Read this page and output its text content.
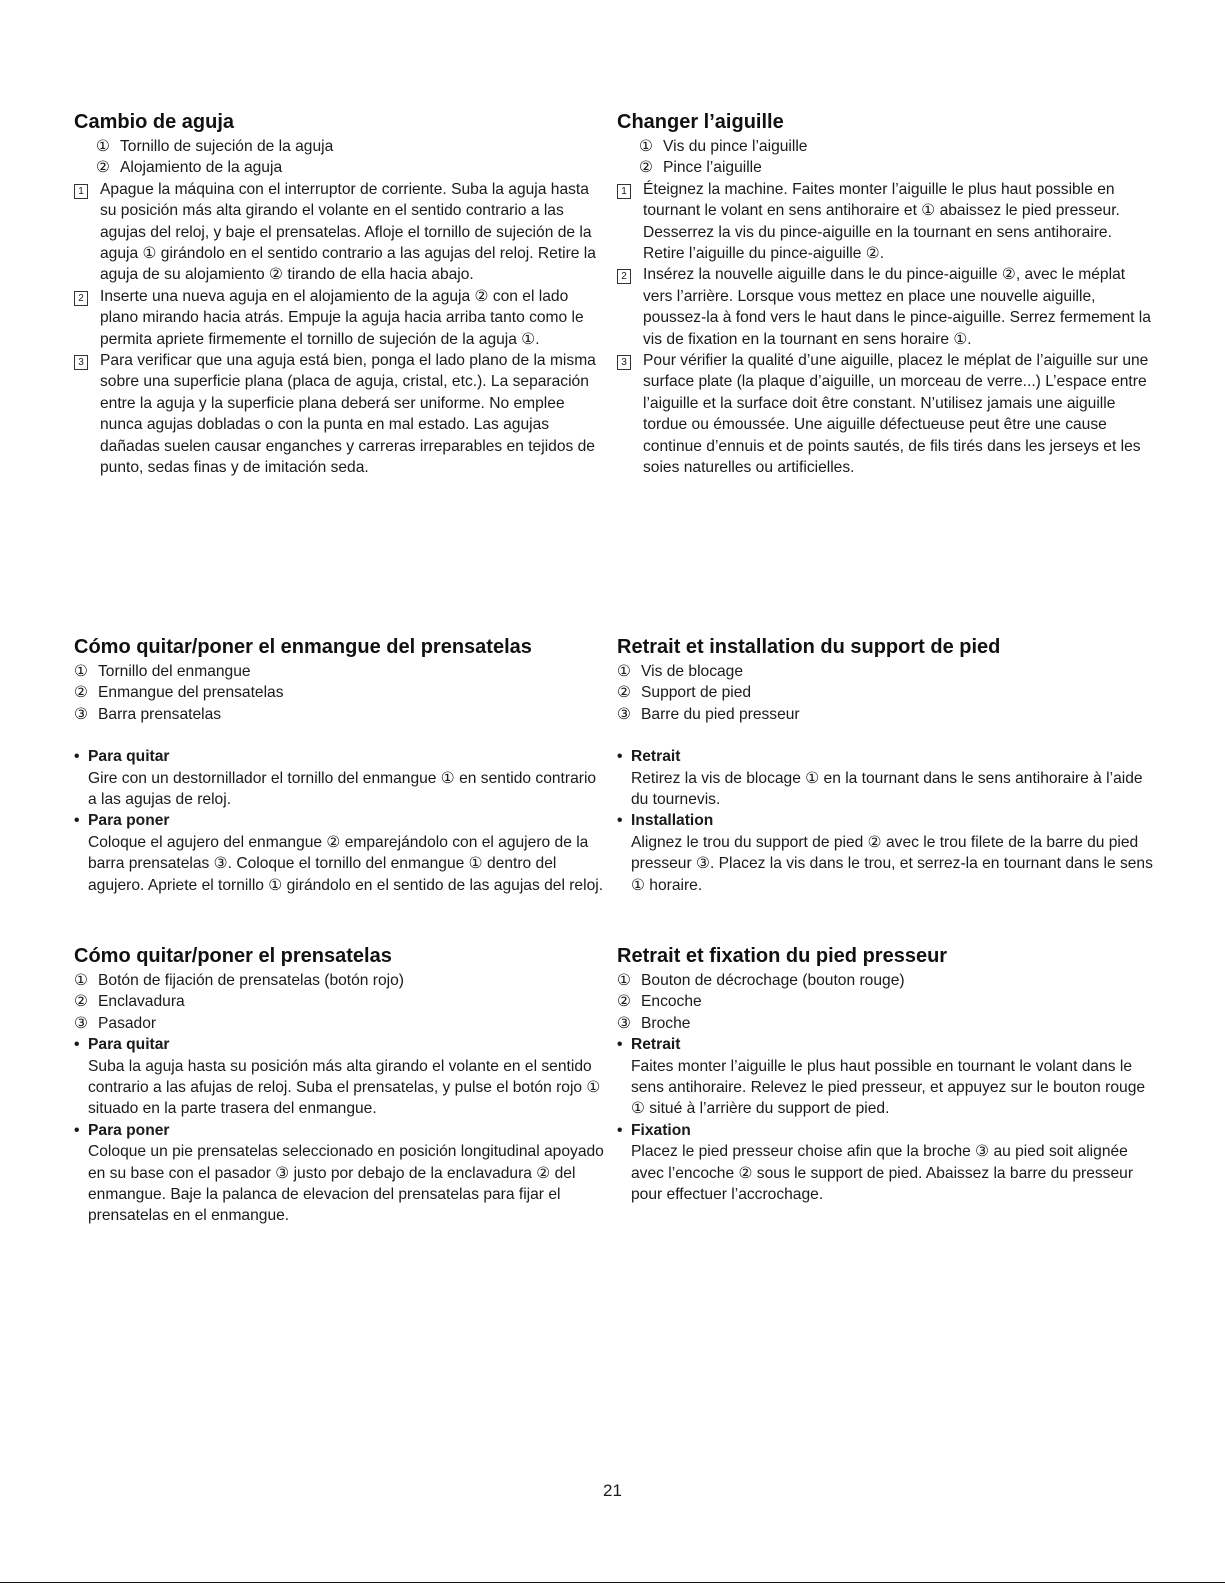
Cambio de aguja
① Tornillo de sujeción de la aguja
② Alojamiento de la aguja
1	Apague la máquina con el interruptor de corriente. Suba la aguja hasta su posición más alta girando el volante en el sentido contrario a las agujas del reloj, y baje el prensatelas. Afloje el tornillo de sujeción de la aguja ① girándolo en el sentido contrario a las agujas del reloj. Retire la aguja de su alojamiento ② tirando de ella hacia abajo.

2	Inserte una nueva aguja en el alojamiento de la aguja ② con el lado plano mirando hacia atrás. Empuje la aguja hacia arriba tanto como le permita apriete firmemente el tornillo de sujeción de la aguja ①.

3	Para verificar que una aguja está bien, ponga el lado plano de la misma sobre una superficie plana (placa de aguja, cristal, etc.). La separación entre la aguja y la superficie plana deberá ser uniforme. No emplee nunca agujas dobladas o con la punta en mal estado. Las agujas dañadas suelen causar enganches y carreras irreparables en tejidos de punto, sedas finas y de imitación seda.

Changer l’aiguille
① Vis du pince l’aiguille
② Pince l’aiguille
1	Éteignez la machine. Faites monter l’aiguille le plus haut possible en tournant le volant en sens antihoraire et ① abaissez le pied presseur. Desserrez la vis du pince-aiguille en la tournant en sens antihoraire. Retire l’aiguille du pince-aiguille ②.

2	Insérez la nouvelle aiguille dans le du pince-aiguille ②, avec le méplat vers l’arrière. Lorsque vous mettez en place une nouvelle aiguille, poussez-la à fond vers le haut dans le pince-aiguille. Serrez fermement la vis de fixation en la tournant en sens horaire ①.

3	Pour vérifier la qualité d’une aiguille, placez le méplat de l’aiguille sur une surface plate (la plaque d’aiguille, un morceau de verre...) L’espace entre l’aiguille et la surface doit être constant. N’utilisez jamais une aiguille tordue ou émoussée. Une aiguille défectueuse peut être une cause continue d’ennuis et de points sautés, de fils tirés dans les jerseys et les soies naturelles ou artificielles.

Cómo quitar/poner el enmangue del prensatelas
① Tornillo del enmangue
② Enmangue del prensatelas
③ Barra prensatelas
• Para quitar

Gire con un destornillador el tornillo del enmangue ① en sentido contrario a las agujas de reloj.

• Para poner

Coloque el agujero del enmangue ② emparejándolo con el agujero de la barra prensatelas ③. Coloque el tornillo del enmangue ① dentro del agujero. Apriete el tornillo ① girándolo en el sentido de las agujas del reloj.

Retrait et installation du support de pied
① Vis de blocage
② Support de pied
③ Barre du pied presseur
• Retrait

Retirez la vis de blocage ① en la tournant dans le sens antihoraire à l’aide du tournevis.

• Installation

Alignez le trou du support de pied ② avec le trou filete de la barre du pied presseur ③. Placez la vis dans le trou, et serrez-la en tournant dans le sens ① horaire.

Cómo quitar/poner el prensatelas
① Botón de fijación de prensatelas (botón rojo)
② Enclavadura
③ Pasador
• Para quitar

Suba la aguja hasta su posición más alta girando el volante en el sentido contrario a las afujas de reloj. Suba el prensatelas, y pulse el botón rojo ① situado en la parte trasera del enmangue.

• Para poner

Coloque un pie prensatelas seleccionado en posición longitudinal apoyado en su base con el pasador ③ justo por debajo de la enclavadura ② del enmangue. Baje la palanca de elevacion del prensatelas para fijar el prensatelas en el enmangue.

Retrait et fixation du pied presseur
① Bouton de décrochage (bouton rouge)
② Encoche
③ Broche
• Retrait

Faites monter l’aiguille le plus haut possible en tournant le volant dans le sens antihoraire. Relevez le pied presseur, et appuyez sur le bouton rouge ① situé à l’arrière du support de pied.

• Fixation

Placez le pied presseur choise afin que la broche ③ au pied soit alignée avec l’encoche ② sous le support de pied. Abaissez la barre du presseur pour effectuer l’accrochage.

21
